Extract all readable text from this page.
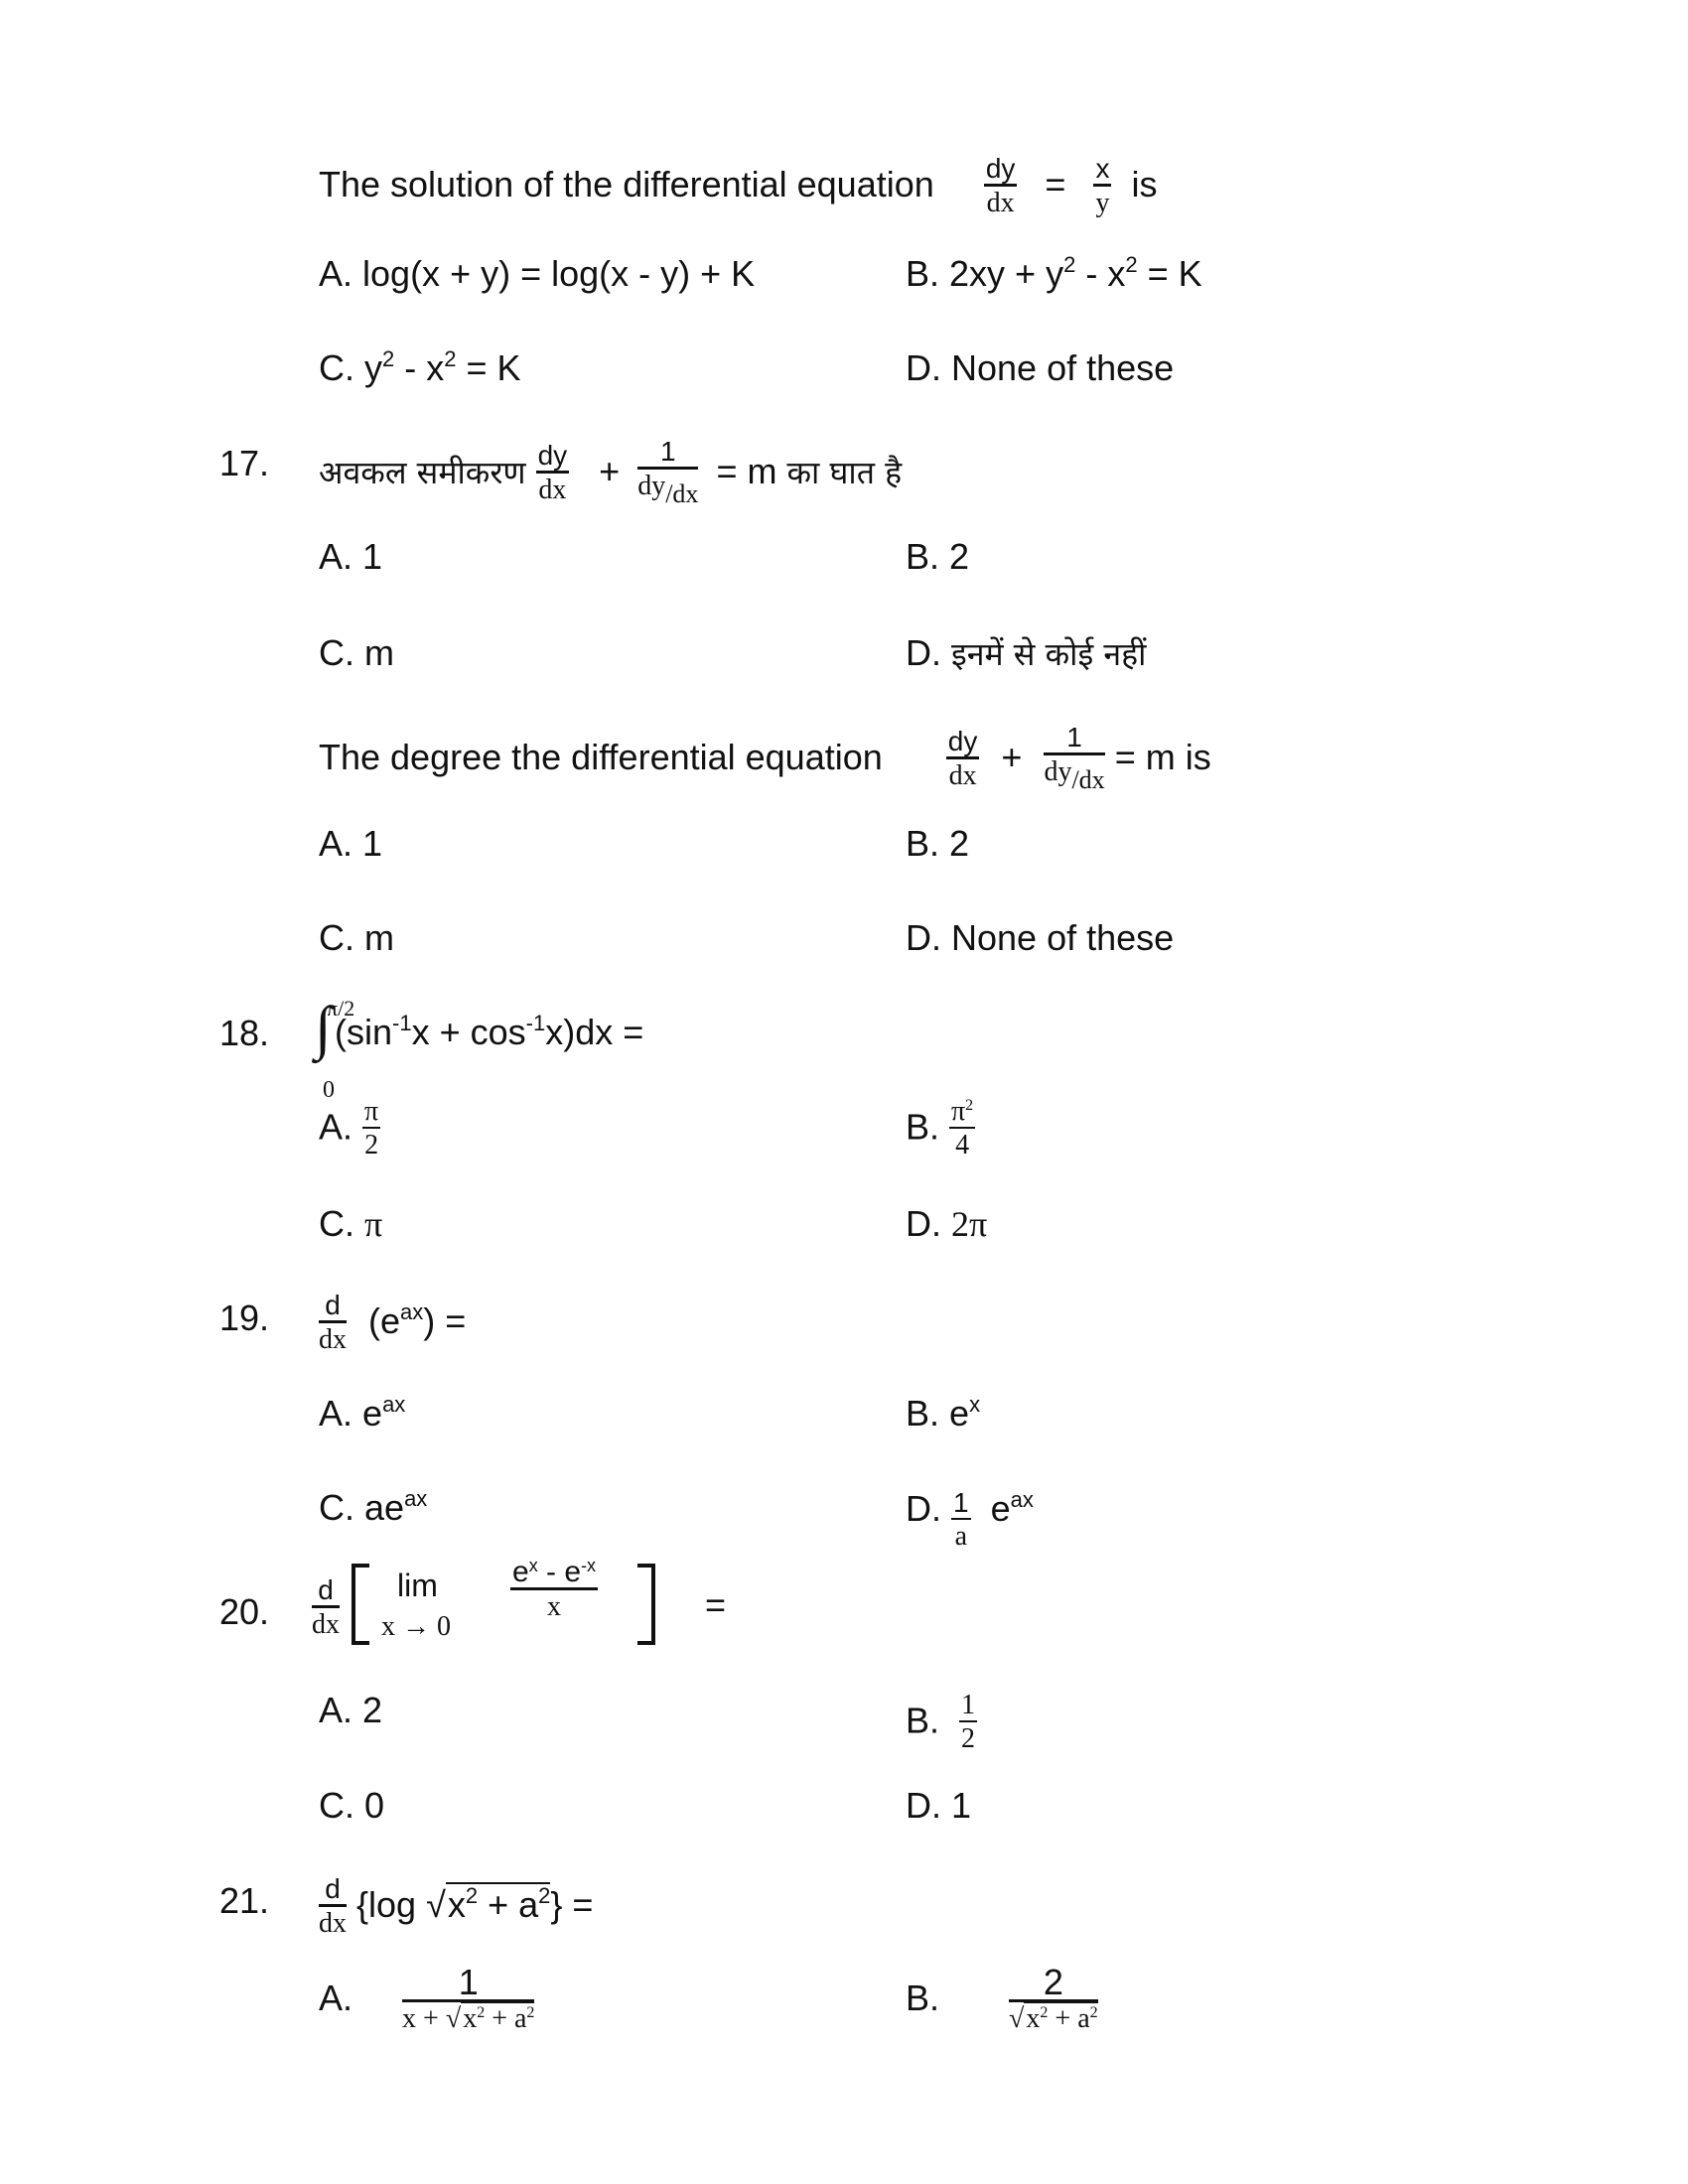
The solution of the differential equation $\frac{dy}{dx} = \frac{x}{y}$ is
A. log(x + y) = log(x - y) + K	B. $2xy + y^2 - x^2 = K$
C. $y^2 - x^2 = K$	D. None of these
17. अवकल समीकरण $\frac{dy}{dx} + \frac{1}{dy/dx} = m$ का घात है
A. 1	B. 2
C. m	D. इनमें से कोई नहीं
The degree the differential equation $\frac{dy}{dx} + \frac{1}{dy/dx} = m$ is
A. 1	B. 2
C. m	D. None of these
18. ∫
π/2
0
$(\sin^{-1}x + \cos^{-1}x)dx$ =
A. $\frac{\pi}{2}$	B. $\frac{\pi^2}{4}$
C. π	D. 2π
19. $\frac{d}{dx} (e^{ax})$ =
A. $e^{ax}$	B. $e^x$
C. $ae^{ax}$	D. $\frac{1}{a} e^{ax}$
20. $\frac{d}{dx}$ lim
x → 0
$\frac{e^x - e^{-x}}{x}$	=
A. 2	B. $\frac{1}{2}$
C. 0	D. 1
21. $\frac{d}{dx} \{\log$ $√x^2 + a^2$} =
A. $\frac{1}{x + √x^2 + a^2}$	B. $\frac{2}{√x^2 + a^2}$
